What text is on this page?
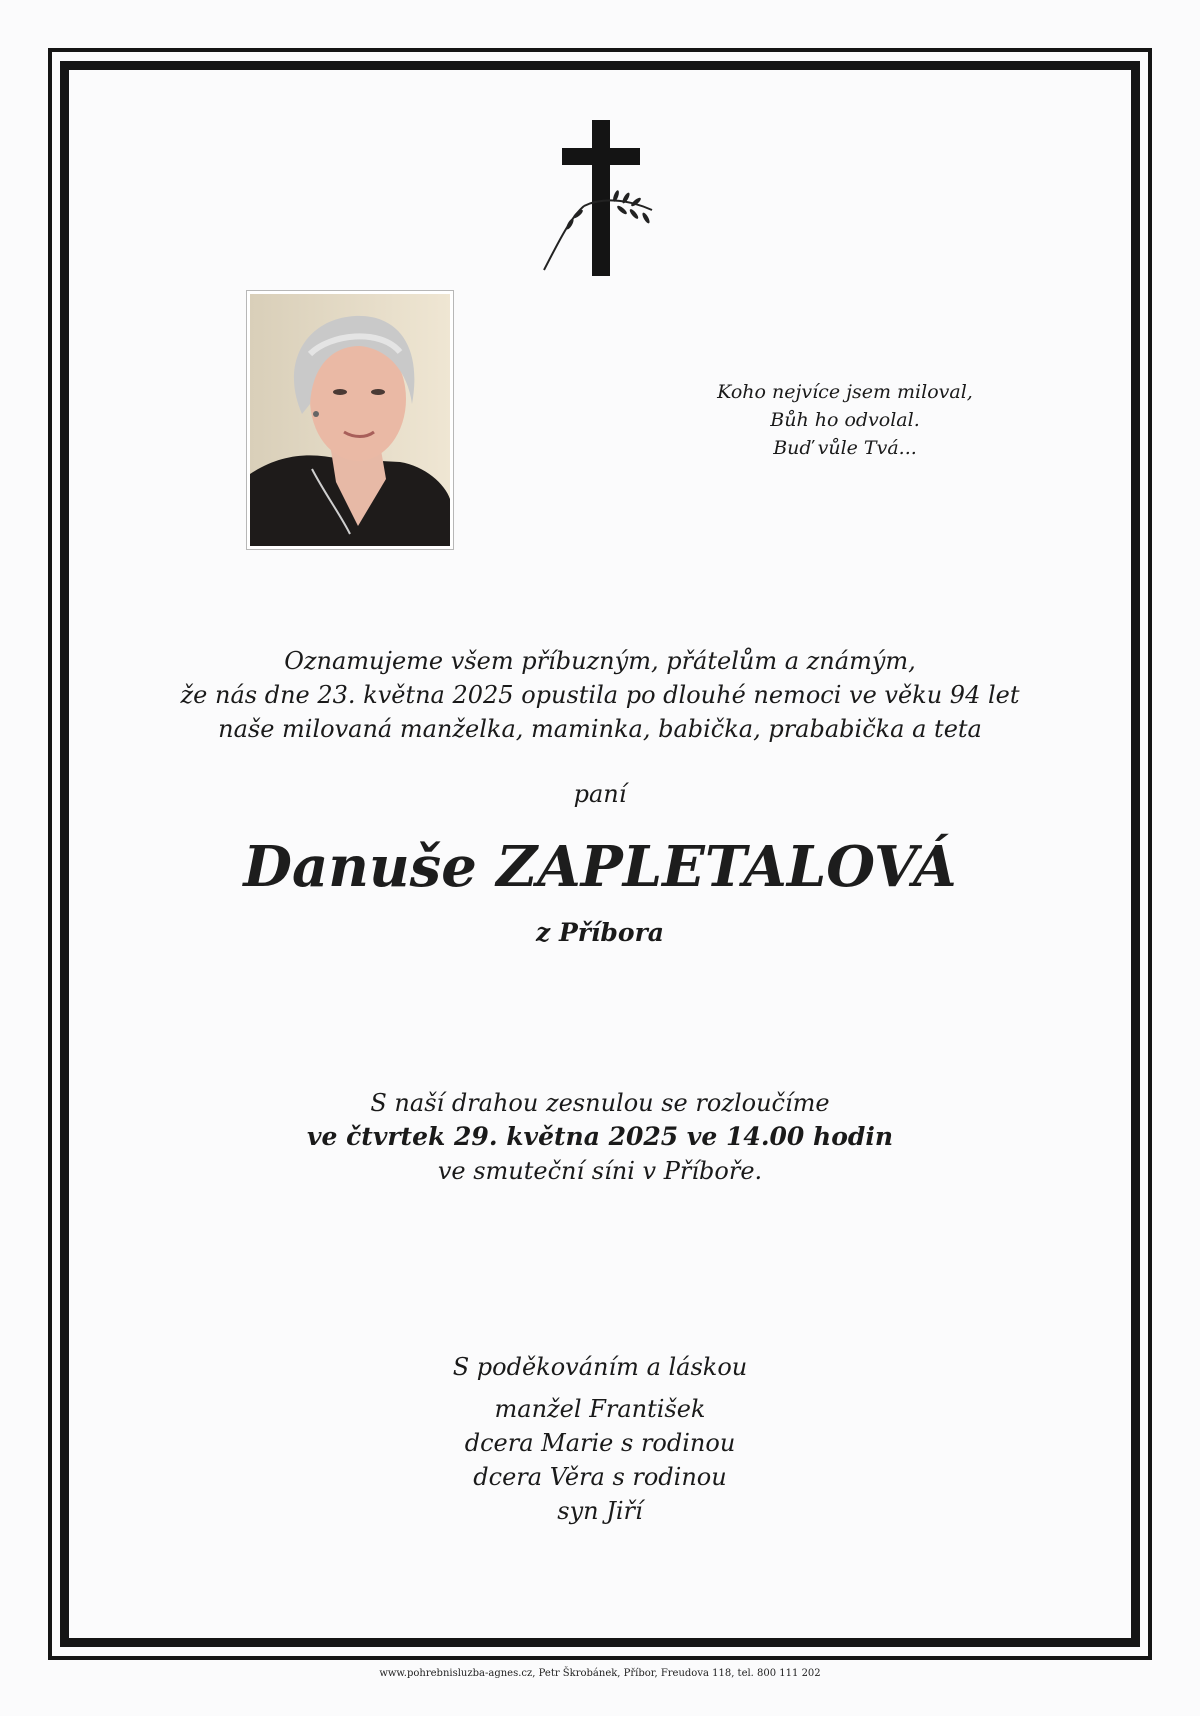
Koho nejvíce jsem miloval,
Bůh ho odvolal.
Buď vůle Tvá...
Oznamujeme všem příbuzným, přátelům a známým,
že nás dne 23. května 2025 opustila po dlouhé nemoci ve věku 94 let
naše milovaná manželka, maminka, babička, prababička a teta
paní
Danuše ZAPLETALOVÁ
z Příbora
S naší drahou zesnulou se rozloučíme
ve čtvrtek 29. května 2025 ve 14.00 hodin
ve smuteční síni v Příboře.
S poděkováním a láskou
manžel František
dcera Marie s rodinou
dcera Věra s rodinou
syn Jiří
www.pohrebnisluzba-agnes.cz, Petr Škrobánek, Příbor, Freudova 118, tel. 800 111 202
